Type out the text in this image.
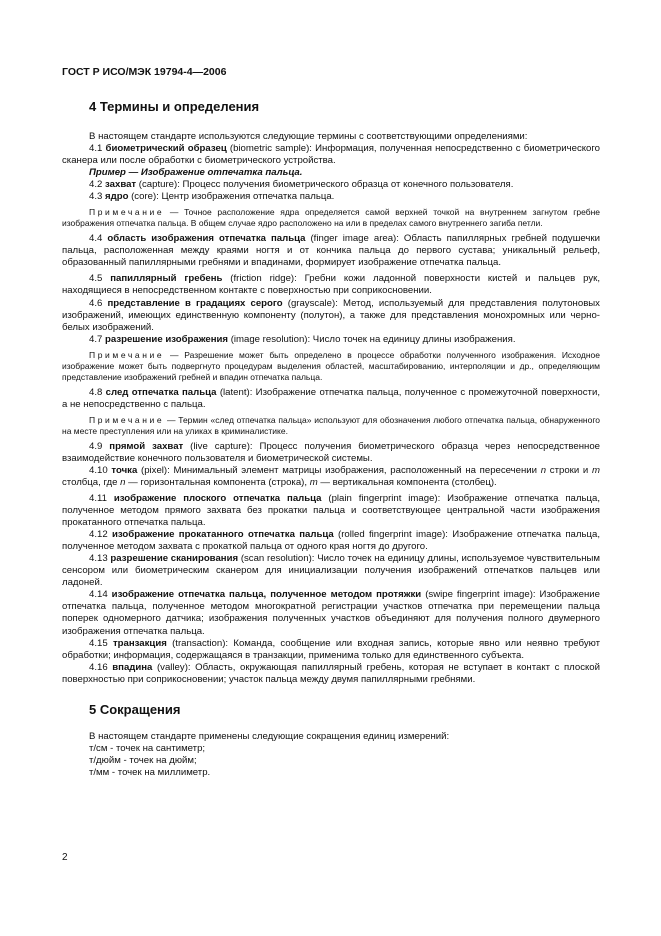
ГОСТ Р ИСО/МЭК 19794-4—2006
4 Термины и определения

В настоящем стандарте используются следующие термины с соответствующими определениями:

4.1 биометрический образец (biometric sample): Информация, полученная непосредственно с биометрического сканера или после обработки с биометрического устройства.

Пример — Изображение отпечатка пальца.

4.2 захват (capture): Процесс получения биометрического образца от конечного пользователя.

4.3 ядро (core): Центр изображения отпечатка пальца.

Примечание — Точное расположение ядра определяется самой верхней точкой на внутреннем загнутом гребне изображения отпечатка пальца. В общем случае ядро расположено на или в пределах самого внутреннего загиба петли.

4.4 область изображения отпечатка пальца (finger image area): Область папиллярных гребней подушечки пальца, расположенная между краями ногтя и от кончика пальца до первого сустава; уникальный рельеф, образованный папиллярными гребнями и впадинами, формирует изображение отпечатка пальца.

4.5 папиллярный гребень (friction ridge): Гребни кожи ладонной поверхности кистей и пальцев рук, находящиеся в непосредственном контакте с поверхностью при соприкосновении.

4.6 представление в градациях серого (grayscale): Метод, используемый для представления полутоновых изображений, имеющих единственную компоненту (полутон), а также для представления монохромных или черно-белых изображений.

4.7 разрешение изображения (image resolution): Число точек на единицу длины изображения.

Примечание — Разрешение может быть определено в процессе обработки полученного изображения. Исходное изображение может быть подвергнуто процедурам выделения областей, масштабированию, интерполяции и др., определяющим представление изображений гребней и впадин отпечатка пальца.

4.8 след отпечатка пальца (latent): Изображение отпечатка пальца, полученное с промежуточной поверхности, а не непосредственно с пальца.

Примечание — Термин «след отпечатка пальца» используют для обозначения любого отпечатка пальца, обнаруженного на месте преступления или на уликах в криминалистике.

4.9 прямой захват (live capture): Процесс получения биометрического образца через непосредственное взаимодействие конечного пользователя и биометрической системы.

4.10 точка (pixel): Минимальный элемент матрицы изображения, расположенный на пересечении n строки и m столбца, где n — горизонтальная компонента (строка), m — вертикальная компонента (столбец).

4.11 изображение плоского отпечатка пальца (plain fingerprint image): Изображение отпечатка пальца, полученное методом прямого захвата без прокатки пальца и соответствующее центральной части изображения прокатанного отпечатка пальца.

4.12 изображение прокатанного отпечатка пальца (rolled fingerprint image): Изображение отпечатка пальца, полученное методом захвата с прокаткой пальца от одного края ногтя до другого.

4.13 разрешение сканирования (scan resolution): Число точек на единицу длины, используемое чувствительным сенсором или биометрическим сканером для инициализации получения изображений отпечатков пальцев или ладоней.

4.14 изображение отпечатка пальца, полученное методом протяжки (swipe fingerprint image): Изображение отпечатка пальца, полученное методом многократной регистрации участков отпечатка при перемещении пальца поперек одномерного датчика; изображения полученных участков объединяют для получения полного двумерного изображения отпечатка пальца.

4.15 транзакция (transaction): Команда, сообщение или входная запись, которые явно или неявно требуют обработки; информация, содержащаяся в транзакции, применима только для единственного субъекта.

4.16 впадина (valley): Область, окружающая папиллярный гребень, которая не вступает в контакт с плоской поверхностью при соприкосновении; участок пальца между двумя папиллярными гребнями.

5 Сокращения

В настоящем стандарте применены следующие сокращения единиц измерений:

т/см - точек на сантиметр;

т/дюйм - точек на дюйм;

т/мм - точек на миллиметр.

2
